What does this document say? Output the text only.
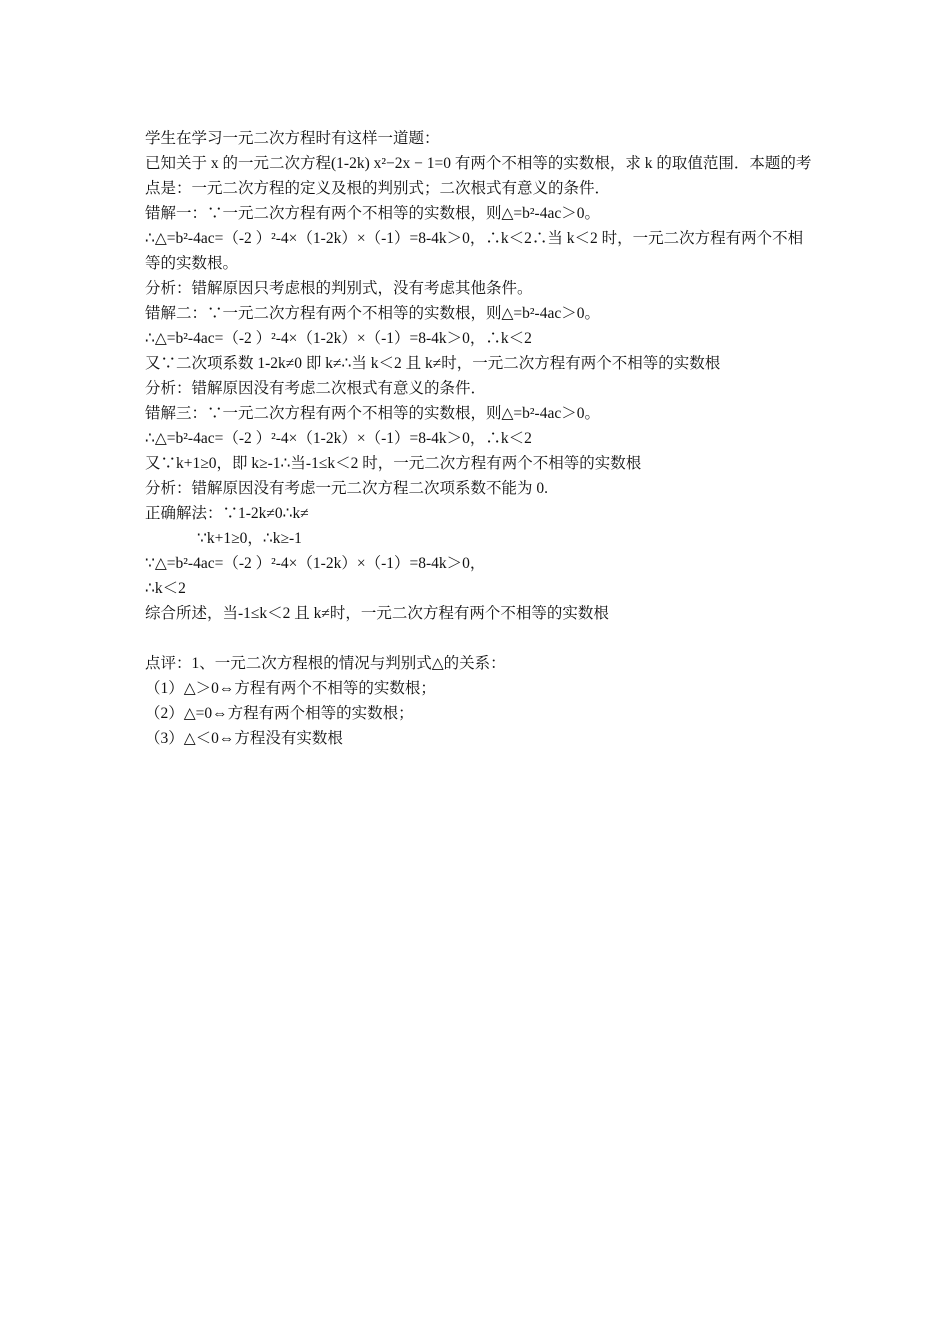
学生在学习一元二次方程时有这样一道题：
已知关于 x 的一元二次方程(1-2k) x²−2x − 1=0 有两个不相等的实数根，求 k 的取值范围．本题的考点是：一元二次方程的定义及根的判别式；二次根式有意义的条件．
错解一：∵一元二次方程有两个不相等的实数根，则△=b²-4ac＞0。
∴△=b²-4ac=（-2 ）²-4×（1-2k）×（-1）=8-4k＞0，∴k＜2∴当 k＜2 时，一元二次方程有两个不相等的实数根。
分析：错解原因只考虑根的判别式，没有考虑其他条件。
错解二：∵一元二次方程有两个不相等的实数根，则△=b²-4ac＞0。
∴△=b²-4ac=（-2 ）²-4×（1-2k）×（-1）=8-4k＞0，∴k＜2
又∵二次项系数 1-2k≠0 即 k≠∴当 k＜2 且 k≠时，一元二次方程有两个不相等的实数根
分析：错解原因没有考虑二次根式有意义的条件．
错解三：∵一元二次方程有两个不相等的实数根，则△=b²-4ac＞0。
∴△=b²-4ac=（-2 ）²-4×（1-2k）×（-1）=8-4k＞0，∴k＜2
又∵k+1≥0，即 k≥-1∴当-1≤k＜2 时，一元二次方程有两个不相等的实数根
分析：错解原因没有考虑一元二次方程二次项系数不能为 0.
正确解法：∵1-2k≠0∴k≠
∵k+1≥0，∴k≥-1
∵△=b²-4ac=（-2 ）²-4×（1-2k）×（-1）=8-4k＞0，
∴k＜2
综合所述，当-1≤k＜2 且 k≠时，一元二次方程有两个不相等的实数根
点评：1、一元二次方程根的情况与判别式△的关系：
（1）△＞0⇔方程有两个不相等的实数根；
（2）△=0⇔方程有两个相等的实数根；
（3）△＜0⇔方程没有实数根
